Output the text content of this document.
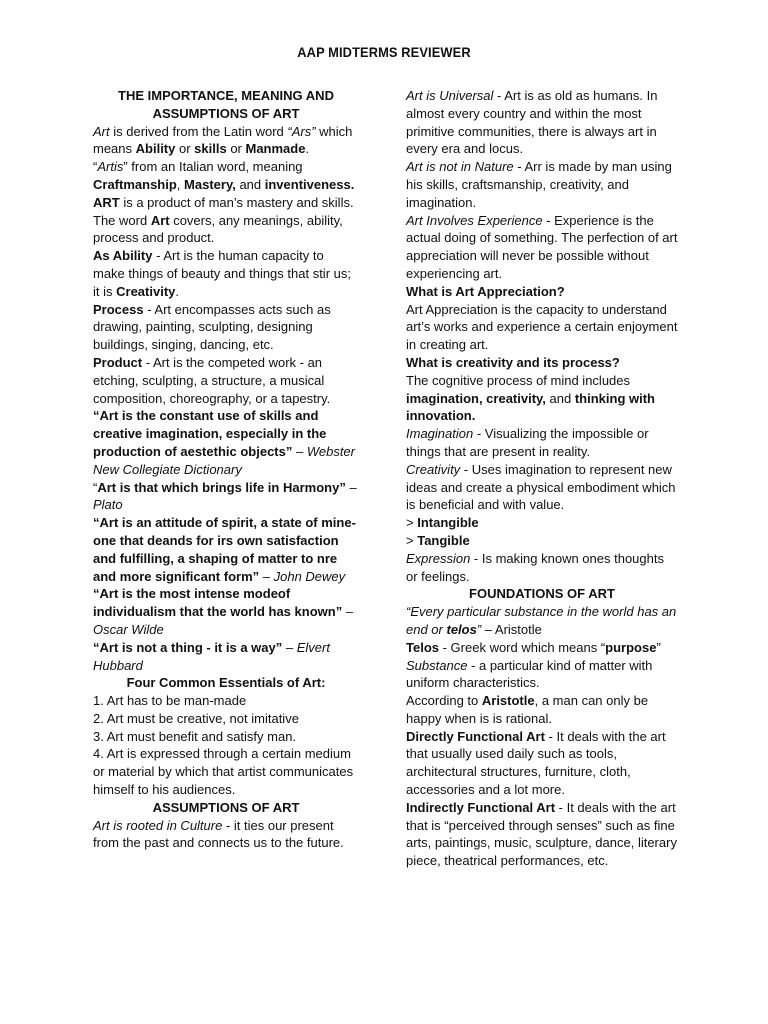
AAP MIDTERMS REVIEWER

THE IMPORTANCE, MEANING AND ASSUMPTIONS OF ART

Art is derived from the Latin word “Ars” which means Ability or skills or Manmade.

“Artis” from an Italian word, meaning Craftmanship, Mastery, and inventiveness.

ART is a product of man’s mastery and skills.

The word Art covers, any meanings, ability, process and product.

As Ability - Art is the human capacity to make things of beauty and things that stir us; it is Creativity.

Process - Art encompasses acts such as drawing, painting, sculpting, designing buildings, singing, dancing, etc.

Product - Art is the competed work - an etching, sculpting, a structure, a musical composition, choreography, or a tapestry.

“Art is the constant use of skills and creative imagination, especially in the production of aestethic objects” – Webster New Collegiate Dictionary

“Art is that which brings life in Harmony” – Plato

“Art is an attitude of spirit, a state of mine-one that deands for irs own satisfaction and fulfilling, a shaping of matter to nre and more significant form” – John Dewey

“Art is the most intense modeof individualism that the world has known” – Oscar Wilde

“Art is not a thing - it is a way” – Elvert Hubbard

Four Common Essentials of Art:

1. Art has to be man-made

2. Art must be creative, not imitative

3. Art must benefit and satisfy man.

4. Art is expressed through a certain medium or material by which that artist communicates himself to his audiences.

ASSUMPTIONS OF ART

Art is rooted in Culture - it ties our present from the past and connects us to the future.

Art is Universal - Art is as old as humans. In almost every country and within the most primitive communities, there is always art in every era and locus.

Art is not in Nature - Arr is made by man using his skills, craftsmanship, creativity, and imagination.

Art Involves Experience - Experience is the actual doing of something. The perfection of art appreciation will never be possible without experiencing art.

What is Art Appreciation?

Art Appreciation is the capacity to understand art’s works and experience a certain enjoyment in creating art.

What is creativity and its process?

The cognitive process of mind includes imagination, creativity, and thinking with innovation.

Imagination - Visualizing the impossible or things that are present in reality.

Creativity - Uses imagination to represent new ideas and create a physical embodiment which is beneficial and with value.

> Intangible

> Tangible

Expression - Is making known ones thoughts or feelings.

FOUNDATIONS OF ART

“Every particular substance in the world has an end or telos” – Aristotle

Telos - Greek word which means “purpose”

Substance - a particular kind of matter with uniform characteristics.

According to Aristotle, a man can only be happy when is is rational.

Directly Functional Art - It deals with the art that usually used daily such as tools, architectural structures, furniture, cloth, accessories and a lot more.

Indirectly Functional Art - It deals with the art that is “perceived through senses” such as fine arts, paintings, music, sculpture, dance, literary piece, theatrical performances, etc.
